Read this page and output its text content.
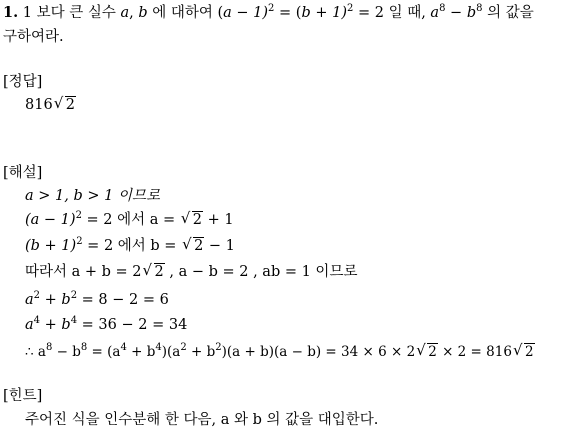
1. 1 보다 큰 실수 a, b 에 대하여 $(a - 1)^2 = (b + 1)^2 = 2$ 일 때, $a^8 - b^8$ 의 값을
구하여라.
[정답]
816√ 2
[해설]
a > 1, b > 1 이므로
$(a - 1)^2 = 2$ 에서 a = √ 2 + 1
$(b + 1)^2 = 2$ 에서 b = √ 2 − 1
따라서 a + b = 2√ 2 , a − b = 2 , ab = 1 이므로
$a^2 + b^2 = 8 - 2 = 6$
$a^4 + b^4 = 36 - 2 = 34$
∴ $a^8 - b^8 = (a^4 + b^4)(a^2 + b^2)(a + b)(a - b) = 34 \times 6 \times 2√$ 2 × 2 = 816√ 2
[힌트]
주어진 식을 인수분해 한 다음, a 와 b 의 값을 대입한다.
